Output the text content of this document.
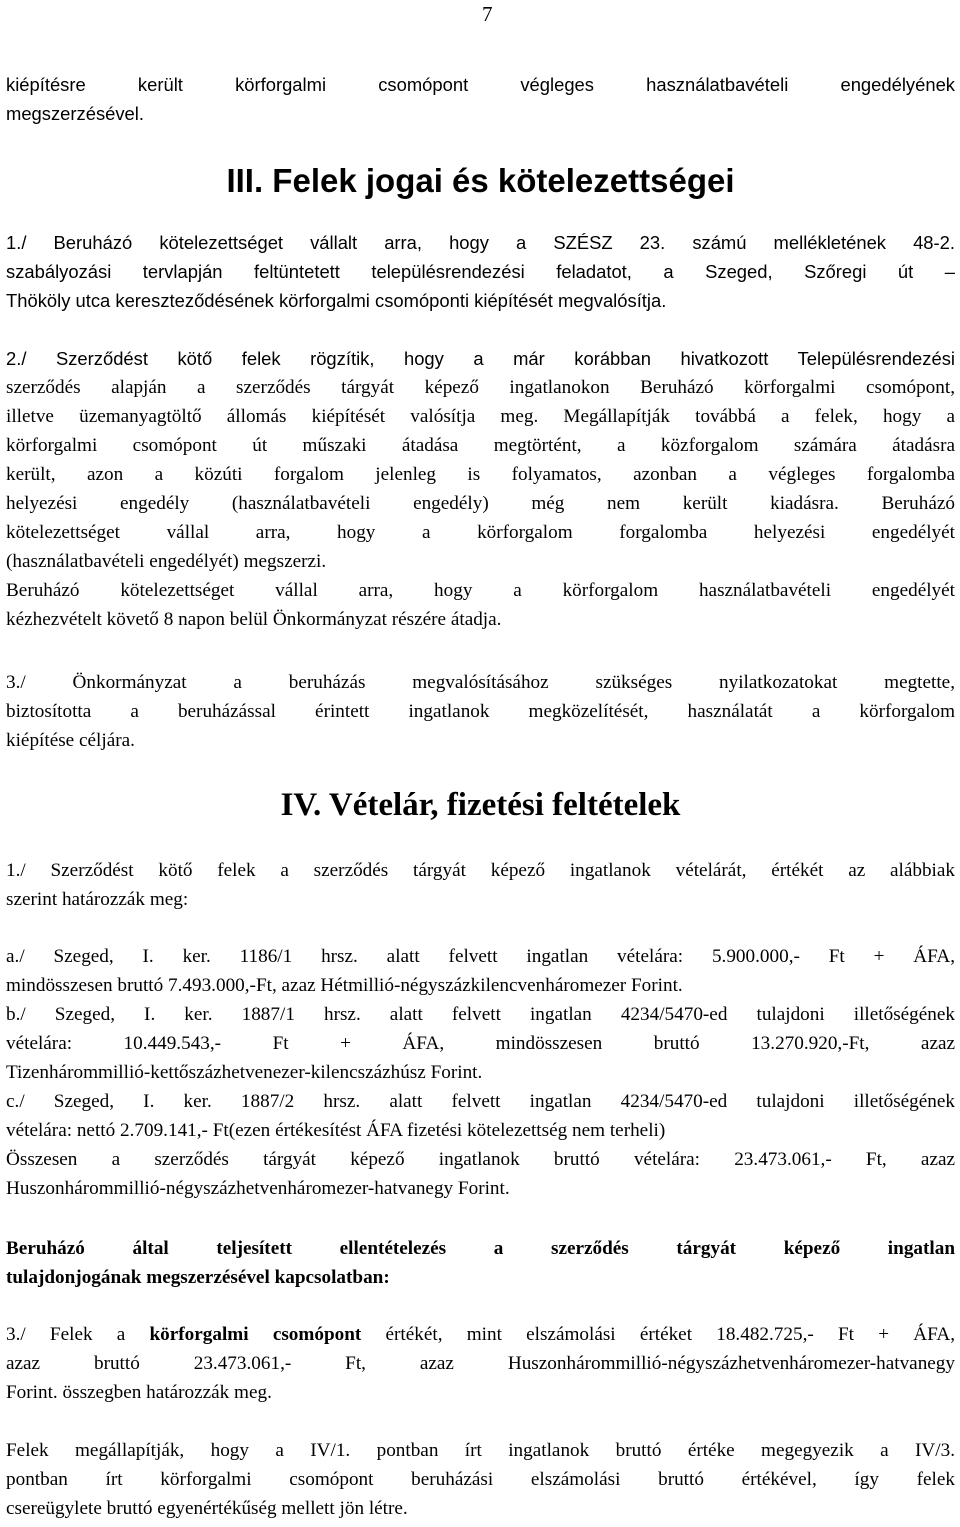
7
kiépítésre került körforgalmi csomópont végleges használatbavételi engedélyének
megszerzésével.
III. Felek jogai és kötelezettségei
1./ Beruházó kötelezettséget vállalt arra, hogy a SZÉSZ 23. számú mellékletének 48-2.
szabályozási tervlapján feltüntetett településrendezési feladatot, a Szeged, Szőregi út –
Thököly utca kereszteződésének körforgalmi csomóponti kiépítését megvalósítja.
2./ Szerződést kötő felek rögzítik, hogy a már korábban hivatkozott Településrendezési
szerződés alapján a szerződés tárgyát képező ingatlanokon Beruházó körforgalmi csomópont,
illetve üzemanyagtöltő állomás kiépítését valósítja meg. Megállapítják továbbá a felek, hogy a
körforgalmi csomópont út műszaki átadása megtörtént, a közforgalom számára átadásra
került, azon a közúti forgalom jelenleg is folyamatos, azonban a végleges forgalomba
helyezési engedély (használatbavételi engedély) még nem került kiadásra. Beruházó
kötelezettséget vállal arra, hogy a körforgalom forgalomba helyezési engedélyét
(használatbavételi engedélyét) megszerzi.
Beruházó kötelezettséget vállal arra, hogy a körforgalom használatbavételi engedélyét
kézhezvételt követő 8 napon belül Önkormányzat részére átadja.
3./ Önkormányzat a beruházás megvalósításához szükséges nyilatkozatokat megtette,
biztosította a beruházással érintett ingatlanok megközelítését, használatát a körforgalom
kiépítése céljára.
IV. Vételár, fizetési feltételek
1./ Szerződést kötő felek a szerződés tárgyát képező ingatlanok vételárát, értékét az alábbiak
szerint határozzák meg:
a./ Szeged, I. ker. 1186/1 hrsz. alatt felvett ingatlan vételára: 5.900.000,- Ft + ÁFA,
mindösszesen bruttó 7.493.000,-Ft, azaz Hétmillió-négyszázkilencvenháromezer Forint.
b./ Szeged, I. ker. 1887/1 hrsz. alatt felvett ingatlan 4234/5470-ed tulajdoni illetőségének
vételára: 10.449.543,- Ft + ÁFA, mindösszesen bruttó 13.270.920,-Ft, azaz
Tizenhárommillió-kettőszázhetvenezer-kilencszázhúsz Forint.
c./ Szeged, I. ker. 1887/2 hrsz. alatt felvett ingatlan 4234/5470-ed tulajdoni illetőségének
vételára: nettó 2.709.141,- Ft(ezen értékesítést ÁFA fizetési kötelezettség nem terheli)
Összesen a szerződés tárgyát képező ingatlanok bruttó vételára: 23.473.061,- Ft, azaz
Huszonhárommillió-négyszázhetvenháromezer-hatvanegy Forint.
Beruházó által teljesített ellentételezés a szerződés tárgyát képező ingatlan
tulajdonjogának megszerzésével kapcsolatban:
3./ Felek a körforgalmi csomópont értékét, mint elszámolási értéket 18.482.725,- Ft + ÁFA,
azaz bruttó 23.473.061,- Ft, azaz Huszonhárommillió-négyszázhetvenháromezer-hatvanegy
Forint. összegben határozzák meg.
Felek megállapítják, hogy a IV/1. pontban írt ingatlanok bruttó értéke megegyezik a IV/3.
pontban írt körforgalmi csomópont beruházási elszámolási bruttó értékével, így felek
csereügylete bruttó egyenértékűség mellett jön létre.
